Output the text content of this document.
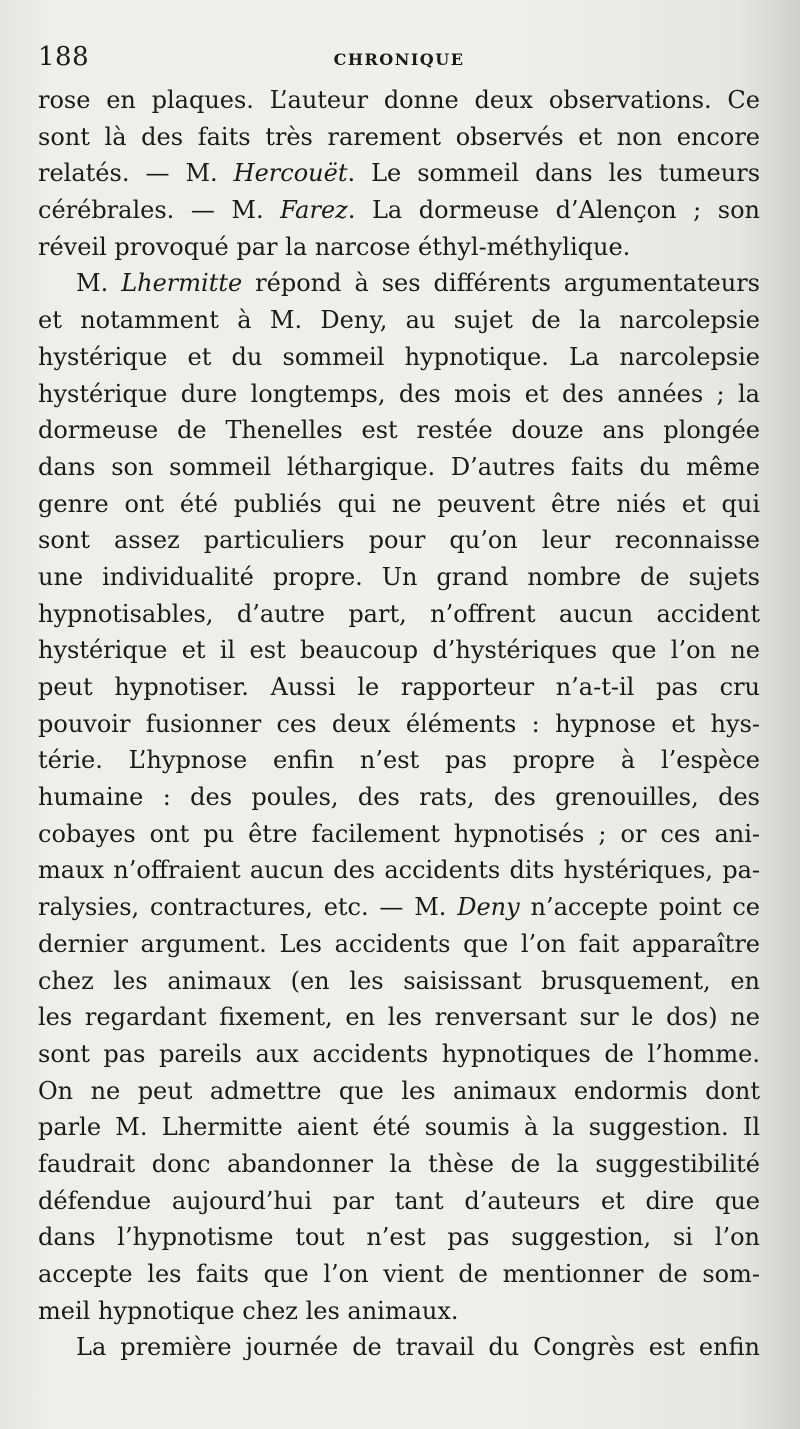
188	CHRONIQUE
rose en plaques. L’auteur donne deux observations. Ce
sont là des faits très rarement observés et non encore
relatés. — M. Hercouët. Le sommeil dans les tumeurs
cérébrales. — M. Farez. La dormeuse d’Alençon ; son
réveil provoqué par la narcose éthyl-méthylique.
M. Lhermitte répond à ses différents argumentateurs
et notamment à M. Deny, au sujet de la narcolepsie
hystérique et du sommeil hypnotique. La narcolepsie
hystérique dure longtemps, des mois et des années ; la
dormeuse de Thenelles est restée douze ans plongée
dans son sommeil léthargique. D’autres faits du même
genre ont été publiés qui ne peuvent être niés et qui
sont assez particuliers pour qu’on leur reconnaisse
une individualité propre. Un grand nombre de sujets
hypnotisables, d’autre part, n’offrent aucun accident
hystérique et il est beaucoup d’hystériques que l’on ne
peut hypnotiser. Aussi le rapporteur n’a-t-il pas cru
pouvoir fusionner ces deux éléments : hypnose et hys-
térie. L’hypnose enfin n’est pas propre à l’espèce
humaine : des poules, des rats, des grenouilles, des
cobayes ont pu être facilement hypnotisés ; or ces ani-
maux n’offraient aucun des accidents dits hystériques, pa-
ralysies, contractures, etc. — M. Deny n’accepte point ce
dernier argument. Les accidents que l’on fait apparaître
chez les animaux (en les saisissant brusquement, en
les regardant fixement, en les renversant sur le dos) ne
sont pas pareils aux accidents hypnotiques de l’homme.
On ne peut admettre que les animaux endormis dont
parle M. Lhermitte aient été soumis à la suggestion. Il
faudrait donc abandonner la thèse de la suggestibilité
défendue aujourd’hui par tant d’auteurs et dire que
dans l’hypnotisme tout n’est pas suggestion, si l’on
accepte les faits que l’on vient de mentionner de som-
meil hypnotique chez les animaux.
La première journée de travail du Congrès est enfin
